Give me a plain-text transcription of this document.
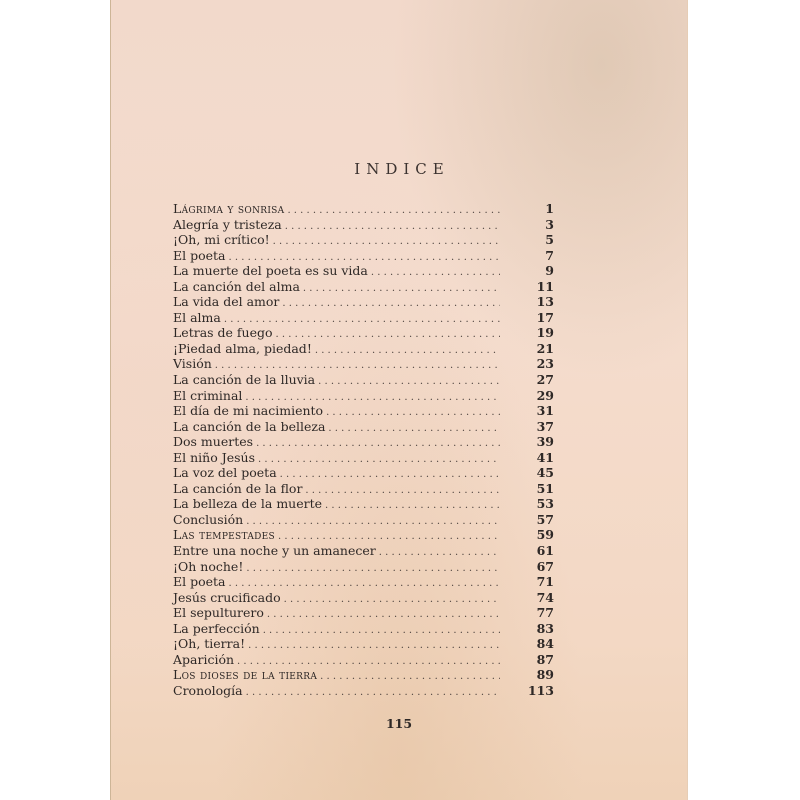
INDICE
Lágrima y sonrisa . . .	1
Alegría y tristeza . . .	3
¡Oh, mi crítico! . . .	5
El poeta . . .	7
La muerte del poeta es su vida . . .	9
La canción del alma . . .	11
La vida del amor . . .	13
El alma . . .	17
Letras de fuego . . .	19
¡Piedad alma, piedad! . . .	21
Visión . . .	23
La canción de la lluvia . . .	27
El criminal . . .	29
El día de mi nacimiento . . .	31
La canción de la belleza . . .	37
Dos muertes . . .	39
El niño Jesús . . .	41
La voz del poeta . . .	45
La canción de la flor . . .	51
La belleza de la muerte . . .	53
Conclusión . . .	57
Las tempestades . . .	59
Entre una noche y un amanecer . . .	61
¡Oh noche! . . .	67
El poeta . . .	71
Jesús crucificado . . .	74
El sepulturero . . .	77
La perfección . . .	83
¡Oh, tierra! . . .	84
Aparición . . .	87
Los dioses de la tierra . . .	89
Cronología . . .	113
115
